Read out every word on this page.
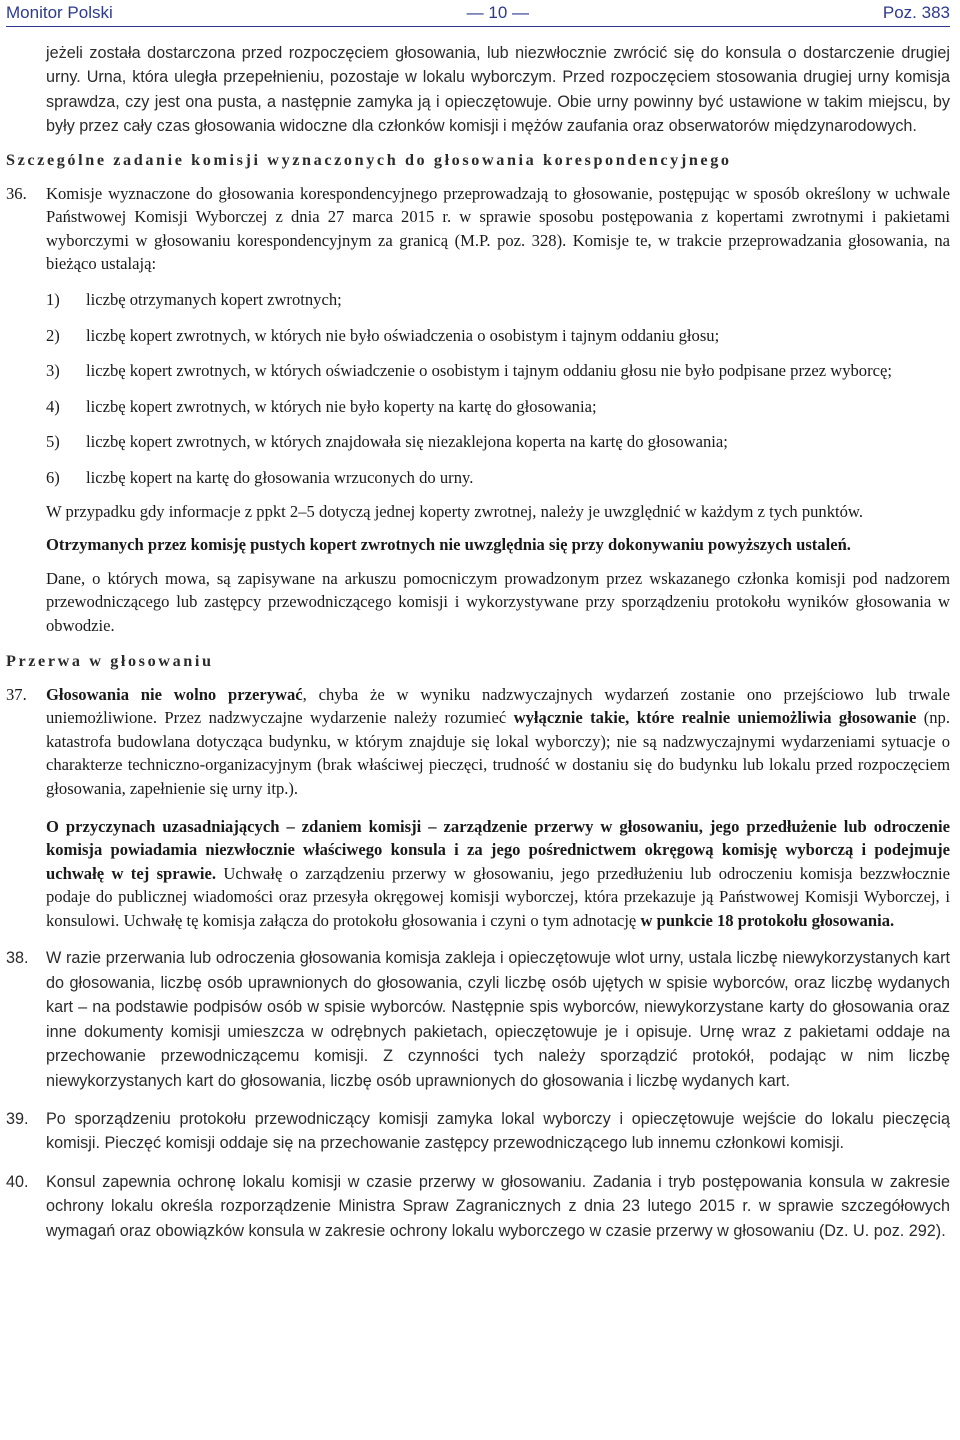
Monitor Polski	— 10 —	Poz. 383

jeżeli została dostarczona przed rozpoczęciem głosowania, lub niezwłocznie zwrócić się do konsula o dostarczenie drugiej urny. Urna, która uległa przepełnieniu, pozostaje w lokalu wyborczym. Przed rozpoczęciem stosowania drugiej urny komisja sprawdza, czy jest ona pusta, a następnie zamyka ją i opieczętowuje. Obie urny powinny być ustawione w takim miejscu, by były przez cały czas głosowania widoczne dla członków komisji i mężów zaufania oraz obserwatorów międzynarodowych.

Szczególne zadanie komisji wyznaczonych do głosowania korespondencyjnego
36.	Komisje wyznaczone do głosowania korespondencyjnego przeprowadzają to głosowanie, postępując w sposób określony w uchwale Państwowej Komisji Wyborczej z dnia 27 marca 2015 r. w sprawie sposobu postępowania z kopertami zwrotnymi i pakietami wyborczymi w głosowaniu korespondencyjnym za granicą (M.P. poz. 328). Komisje te, w trakcie przeprowadzania głosowania, na bieżąco ustalają:
1)	liczbę otrzymanych kopert zwrotnych;
2)	liczbę kopert zwrotnych, w których nie było oświadczenia o osobistym i tajnym oddaniu głosu;
3)	liczbę kopert zwrotnych, w których oświadczenie o osobistym i tajnym oddaniu głosu nie było podpisane przez wyborcę;
4)	liczbę kopert zwrotnych, w których nie było koperty na kartę do głosowania;
5)	liczbę kopert zwrotnych, w których znajdowała się niezaklejona koperta na kartę do głosowania;
6)	liczbę kopert na kartę do głosowania wrzuconych do urny.
W przypadku gdy informacje z ppkt 2–5 dotyczą jednej koperty zwrotnej, należy je uwzględnić w każdym z tych punktów.
Otrzymanych przez komisję pustych kopert zwrotnych nie uwzględnia się przy dokonywaniu powyższych ustaleń.
Dane, o których mowa, są zapisywane na arkuszu pomocniczym prowadzonym przez wskazanego członka komisji pod nadzorem przewodniczącego lub zastępcy przewodniczącego komisji i wykorzystywane przy sporządzeniu protokołu wyników głosowania w obwodzie.
Przerwa w głosowaniu
37.	Głosowania nie wolno przerywać, chyba że w wyniku nadzwyczajnych wydarzeń zostanie ono przejściowo lub trwale uniemożliwione. Przez nadzwyczajne wydarzenie należy rozumieć wyłącznie takie, które realnie uniemożliwia głosowanie (np. katastrofa budowlana dotycząca budynku, w którym znajduje się lokal wyborczy); nie są nadzwyczajnymi wydarzeniami sytuacje o charakterze techniczno-organizacyjnym (brak właściwej pieczęci, trudność w dostaniu się do budynku lub lokalu przed rozpoczęciem głosowania, zapełnienie się urny itp.).
O przyczynach uzasadniających – zdaniem komisji – zarządzenie przerwy w głosowaniu, jego przedłużenie lub odroczenie komisja powiadamia niezwłocznie właściwego konsula i za jego pośrednictwem okręgową komisję wyborczą i podejmuje uchwałę w tej sprawie. Uchwałę o zarządzeniu przerwy w głosowaniu, jego przedłużeniu lub odroczeniu komisja bezzwłocznie podaje do publicznej wiadomości oraz przesyła okręgowej komisji wyborczej, która przekazuje ją Państwowej Komisji Wyborczej, i konsulowi. Uchwałę tę komisja załącza do protokołu głosowania i czyni o tym adnotację w punkcie 18 protokołu głosowania.
38.	W razie przerwania lub odroczenia głosowania komisja zakleja i opieczętowuje wlot urny, ustala liczbę niewykorzystanych kart do głosowania, liczbę osób uprawnionych do głosowania, czyli liczbę osób ujętych w spisie wyborców, oraz liczbę wydanych kart – na podstawie podpisów osób w spisie wyborców. Następnie spis wyborców, niewykorzystane karty do głosowania oraz inne dokumenty komisji umieszcza w odrębnych pakietach, opieczętowuje je i opisuje. Urnę wraz z pakietami oddaje na przechowanie przewodniczącemu komisji. Z czynności tych należy sporządzić protokół, podając w nim liczbę niewykorzystanych kart do głosowania, liczbę osób uprawnionych do głosowania i liczbę wydanych kart.
39.	Po sporządzeniu protokołu przewodniczący komisji zamyka lokal wyborczy i opieczętowuje wejście do lokalu pieczęcią komisji. Pieczęć komisji oddaje się na przechowanie zastępcy przewodniczącego lub innemu członkowi komisji.
40.	Konsul zapewnia ochronę lokalu komisji w czasie przerwy w głosowaniu. Zadania i tryb postępowania konsula w zakresie ochrony lokalu określa rozporządzenie Ministra Spraw Zagranicznych z dnia 23 lutego 2015 r. w sprawie szczegółowych wymagań oraz obowiązków konsula w zakresie ochrony lokalu wyborczego w czasie przerwy w głosowaniu (Dz. U. poz. 292).
